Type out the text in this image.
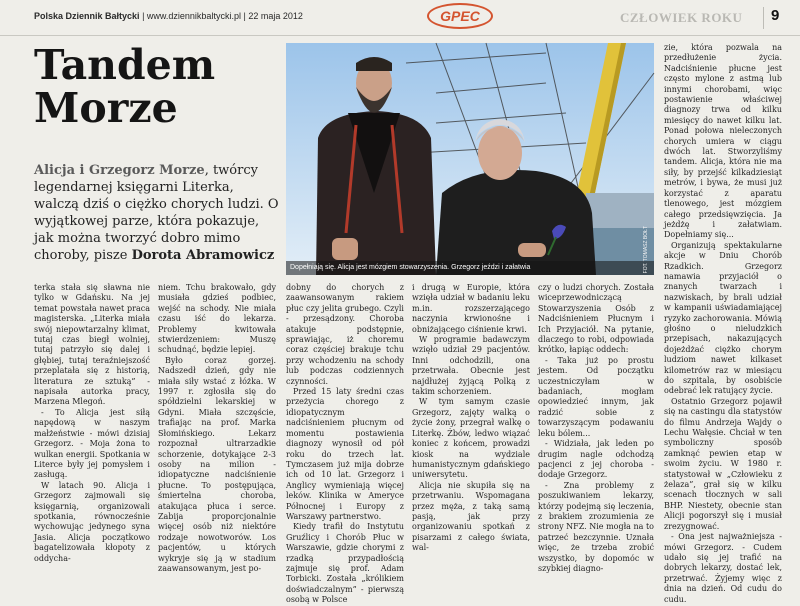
Polska Dziennik Bałtycki | www.dziennikbaltycki.pl | 22 maja 2012	GPEC	CZŁOWIEK ROKU	9
Tandem
Morze
Alicja i Grzegorz Morze, twórcy legendarnej księgarni Literka, walczą dziś o ciężko chorych ludzi. O wyjątkowej parze, która pokazuje, jak można tworzyć dobro mimo choroby, pisze Dorota Abramowicz
Dopełniają się. Alicja jest mózgiem stowarzyszenia. Grzegorz jeździ i załatwia	FOT. TOMASZ BOŁT

terka stała się sławna nie tylko w Gdańsku. Na jej temat powstała nawet praca magisterska. „Literka miała swój niepowtarzalny klimat, tutaj czas biegł wolniej, tutaj patrzyło się dalej i głębiej, tutaj teraźniejszość przeplatała się z historią, literatura ze sztuką” - napisała autorka pracy, Marzena Mlegoń.

- To Alicja jest siłą napędową w naszym małżeństwie - mówi dzisiaj Grzegorz. - Moja żona to wulkan energii. Spotkania w Literce były jej pomysłem i zasługą.

W latach 90. Alicja i Grzegorz zajmowali się księgarnią, organizowali spotkania, równocześnie wychowując jedynego syna Jasia. Alicja początkowo bagatelizowała kłopoty z oddycha-

niem. Tchu brakowało, gdy musiała gdzieś podbiec, wejść na schody. Nie miała czasu iść do lekarza. Problemy kwitowała stwierdzeniem: Muszę schudnąć, będzie lepiej.

Było coraz gorzej. Nadszedł dzień, gdy nie miała siły wstać z łóżka. W 1997 r. zgłosiła się do spółdzielni lekarskiej w Gdyni. Miała szczęście, trafiając na prof. Marka Słomińskiego. Lekarz rozpoznał ultrarzadkie schorzenie, dotykające 2-3 osoby na milion - idiopatyczne nadciśnienie płucne. To postępująca, śmiertelna choroba, atakująca płuca i serce. Zabija proporcjonalnie więcej osób niż niektóre rodzaje nowotworów. Los pacjentów, u których wykryje się ją w stadium zaawansowanym, jest po-

dobny do chorych z zaawansowanym rakiem płuc czy jelita grubego. Czyli - przesądzony. Choroba atakuje podstępnie, sprawiając, iż choremu coraz częściej brakuje tchu przy wchodzeniu na schody lub podczas codziennych czynności.

Przed 15 laty średni czas przeżycia chorego z idiopatycznym nadciśnieniem płucnym od momentu postawienia diagnozy wynosił od pół roku do trzech lat. Tymczasem już mija dobrze ich od 10 lat. Grzegorz i Anglicy wymieniają więcej leków. Klinika w Ameryce Północnej i Europy z Warszawy partnerstwo.

Kiedy trafił do Instytutu Gruźlicy i Chorób Płuc w Warszawie, gdzie chorymi z rzadką przypadłością zajmuje się prof. Adam Torbicki. Została „królikiem doświadczalnym” - pierwszą osobą w Polsce

i drugą w Europie, która wzięła udział w badaniu leku m.in. rozszerzającego naczynia krwionośne i obniżającego ciśnienie krwi.

W programie badawczym wzięło udział 29 pacjentów. Inni odchodzili, ona przetrwała. Obecnie jest najdłużej żyjącą Polką z takim schorzeniem.

W tym samym czasie Grzegorz, zajęty walką o życie żony, przegrał walkę o Literkę. Żbów, ledwo wiązać koniec z końcem, prowadzi kiosk na wydziale humanistycznym gdańskiego uniwersytetu.

Alicja nie skupiła się na przetrwaniu. Wspomagana przez męża, z taką samą pasją, jak przy organizowaniu spotkań z pisarzami z całego świata, wal-

czy o ludzi chorych. Została wiceprzewodniczącą Stowarzyszenia Osób z Nadciśnieniem Płucnym i Ich Przyjaciół. Na pytanie, dlaczego to robi, odpowiada krótko, łapiąc oddech:

- Taka już po prostu jestem. Od początku uczestniczyłam w badaniach, mogłam opowiedzieć innym, jak radzić sobie z towarzyszącym podawaniu leku bólem...

- Widziała, jak leden po drugim nagle odchodzą pacjenci z jej choroba - dodaje Grzegorz.

- Zna problemy z poszukiwaniem lekarzy, którzy podejmą się leczenia, z brakiem zrozumienia ze strony NFZ. Nie mogła na to patrzeć bezczynnie. Uznała więc, że trzeba zrobić wszystko, by dopomóc w szybkiej diagno-

zie, która pozwala na przedłużenie życia. Nadciśnienie płucne jest często mylone z astmą lub innymi chorobami, więc postawienie właściwej diagnozy trwa od kilku miesięcy do nawet kilku lat. Ponad połowa nieleczonych chorych umiera w ciągu dwóch lat. Stworzyliśmy tandem. Alicja, która nie ma siły, by przejść kilkadziesiąt metrów, i bywa, że musi już korzystać z aparatu tlenowego, jest mózgiem całego przedsięwzięcia. Ja jeżdżę i załatwiam. Dopełniamy się...

Organizują spektakularne akcje w Dniu Chorób Rzadkich. Grzegorz namawia przyjaciół o znanych twarzach i nazwiskach, by brali udział w kampanii uświadamiającej ryzyko zachorowania. Mówią głośno o nieludzkich przepisach, nakazujących dojeżdżać ciężko chorym ludziom nawet kilkaset kilometrów raz w miesiącu do szpitala, by osobiście odebrać lek ratujący życie.

Ostatnio Grzegorz pojawił się na castingu dla statystów do filmu Andrzeja Wajdy o Lechu Wałęsie. Chciał w ten symboliczny sposób zamknąć pewien etap w swoim życiu. W 1980 r. statystował w „Człowieku z żelaza”, grał się w kilku scenach tłocznych w sali BHP. Niestety, obecnie stan Alicji pogorszył się i musiał zrezygnować.

- Ona jest najważniejsza - mówi Grzegorz. - Cudem udało się jej trafić na dobrych lekarzy, dostać lek, przetrwać. Żyjemy więc z dnia na dzień. Od cudu do cudu.
